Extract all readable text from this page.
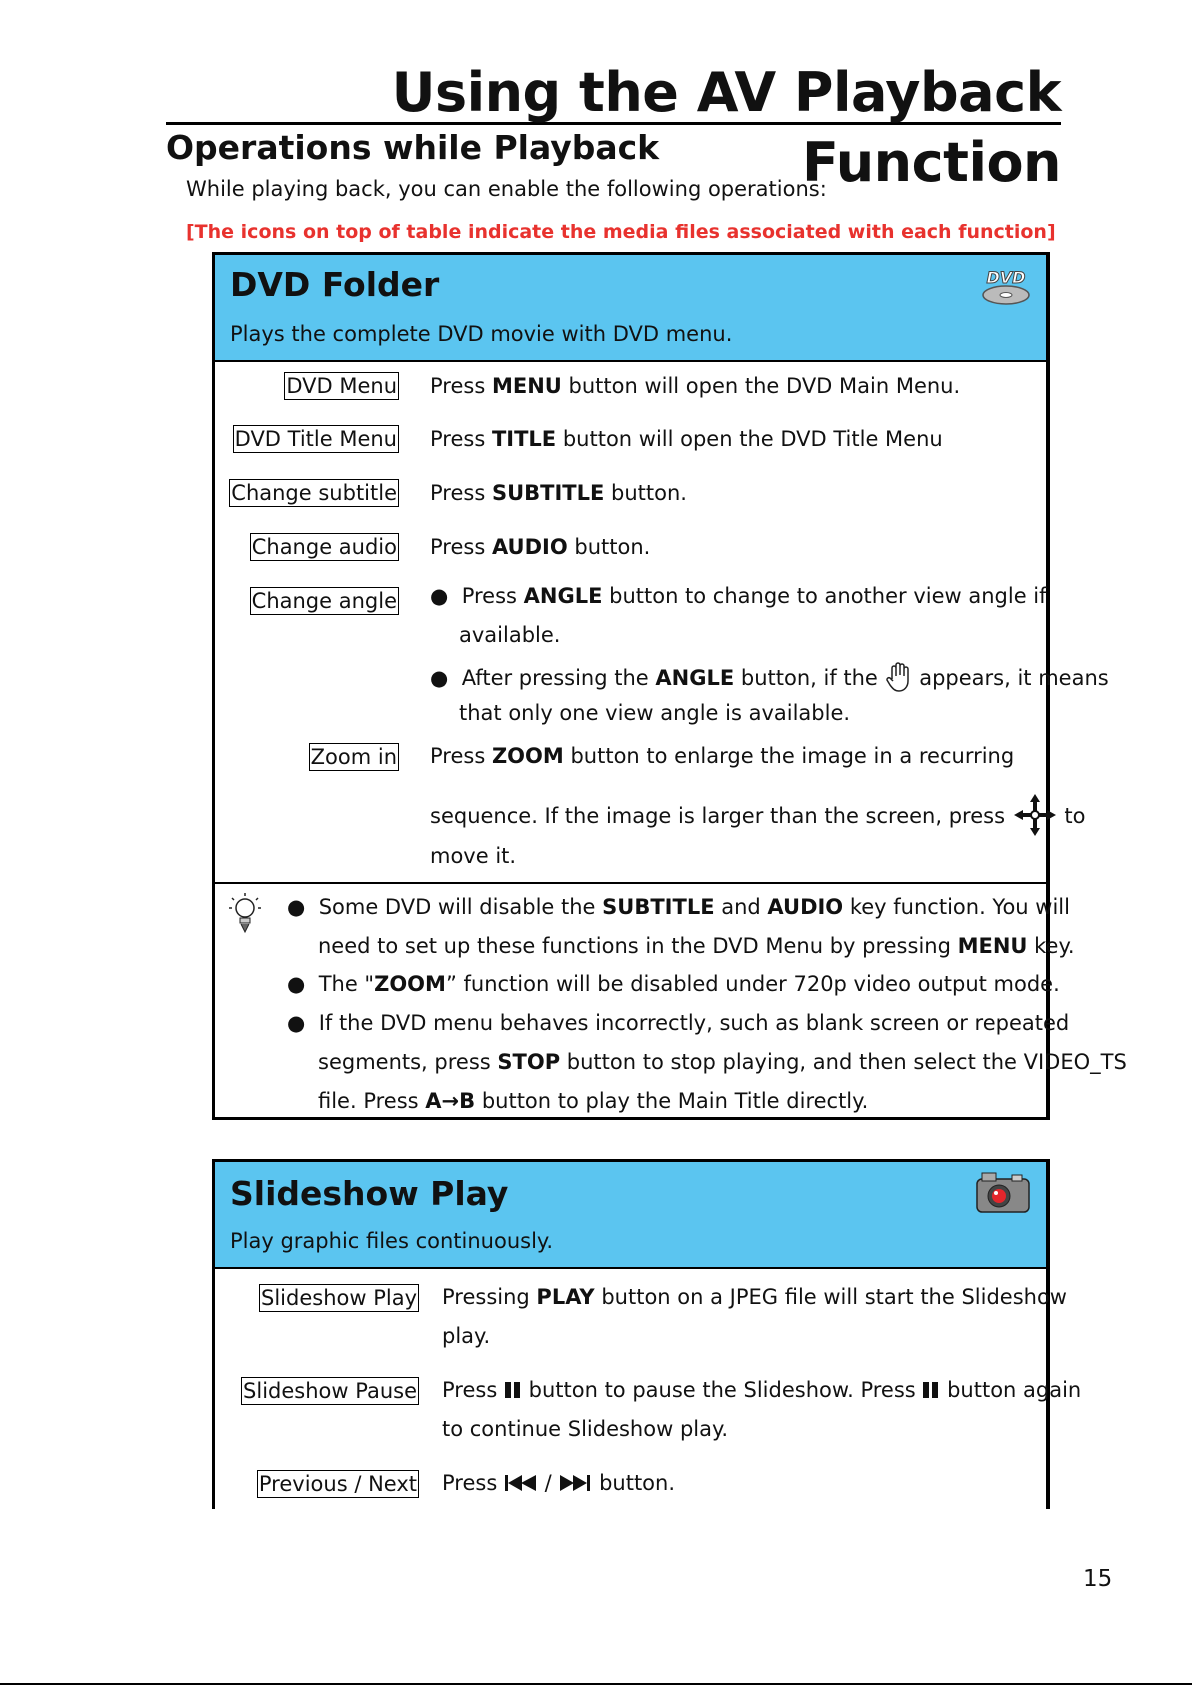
Using the AV Playback Function
Operations while Playback
While playing back, you can enable the following operations:
[The icons on top of table indicate the media files associated with each function]
DVD Folder
Plays the complete DVD movie with DVD menu.
DVD
DVD Menu Press MENU button will open the DVD Main Menu.
DVD Title Menu Press TITLE button will open the DVD Title Menu
Change subtitle Press SUBTITLE button.
Change audio Press AUDIO button.
Change angle ●  Press ANGLE button to change to another view angle if
available.
●  After pressing the ANGLE button, if the  appears, it means
that only one view angle is available.
Zoom in Press ZOOM button to enlarge the image in a recurring
sequence. If the image is larger than the screen, press  to
move it.
●  Some DVD will disable the SUBTITLE and AUDIO key function. You will
need to set up these functions in the DVD Menu by pressing MENU key.
●  The "ZOOM” function will be disabled under 720p video output mode.
●  If the DVD menu behaves incorrectly, such as blank screen or repeated
segments, press STOP button to stop playing, and then select the VIDEO_TS
file. Press A→B button to play the Main Title directly.
Slideshow Play
Play graphic files continuously.
Slideshow Play Pressing PLAY button on a JPEG file will start the Slideshow
play.
Slideshow Pause Press  button to pause the Slideshow. Press  button again
to continue Slideshow play.
Previous / Next Press  /  button.
15
